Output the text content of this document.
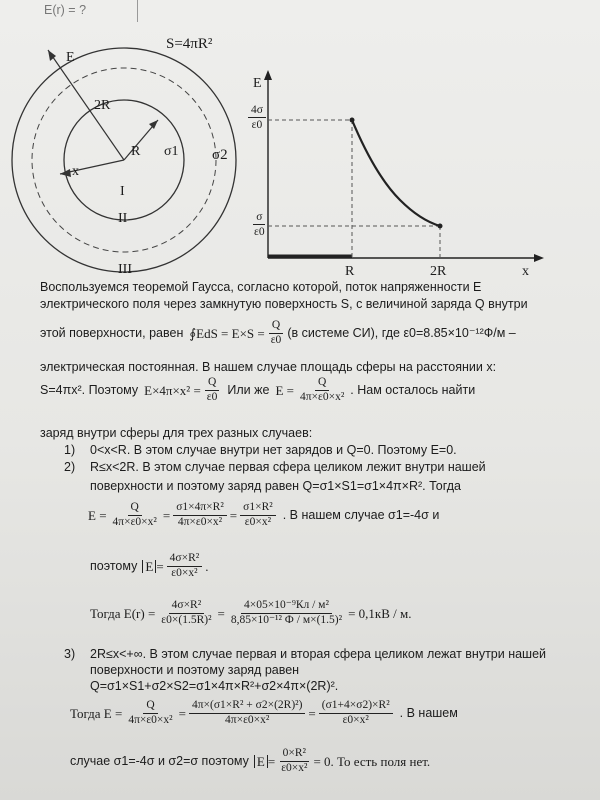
E(r) = ?
S=4πR²
E
2R
R σ1 σ2
x
I
II
III
E
$\frac{4\sigma}{\varepsilon 0}$
$\frac{\sigma}{\varepsilon 0}$
R	2R	x
Воспользуемся теоремой Гаусса, согласно которой, поток напряженности Е
электрического поля через замкнутую поверхность S, с величиной заряда Q внутри
этой поверхности, равен ∮EdS = $E\times S = \frac{Q}{\varepsilon 0} (в$ системе СИ), где ε0=8.85×10⁻¹²Ф/м –
электрическая постоянная. В нашем случае площадь сферы на расстоянии x:
S=4πx². Поэтому $E\times 4\pi\times x^2 = \frac{Q}{\varepsilon 0}$ Или же $E = \frac{Q}{\text{4π×ε0×x²}}$ . Нам осталось найти
заряд внутри сферы для трех разных случаев:
1) 0<x<R. В этом случае внутри нет зарядов и Q=0. Поэтому E=0.
2) R≤x<2R. В этом случае первая сфера целиком лежит внутри нашей
поверхности и поэтому заряд равен Q=σ1×S1=σ1×4π×R². Тогда
$E = \frac{Q}{\text{4π×ε0×x²}} = \frac{\text{σ1×4π×R²}}{\text{4π×ε0×x²}} = \frac{\text{σ1×R²}}{\text{ε0×x²}}$ . В нашем случае σ1=-4σ и
поэтому $E = \frac{\text{4σ×R²}}{\text{ε0×x²}}$ .
Тогда $E(r) = \frac{\text{4σ×R²}}{\text{ε0×(1.5R)²}} = \frac{\text{4×05×10⁻⁹Кл / м²}}{\text{8,85×10⁻¹² Ф / м×(1.5)²}} = 0,1кВ / м$.
3) 2R≤x<+∞. В этом случае первая и вторая сфера целиком лежат внутри нашей
поверхности и поэтому заряд равен
Q=σ1×S1+σ2×S2=σ1×4π×R²+σ2×4π×(2R)².
Тогда $E = \frac{Q}{\text{4π×ε0×x²}} = \frac{\text{4π×(σ1×R² + σ2×(2R)²)}}{\text{4π×ε0×x²}} = \frac{\text{(σ1+4×σ2)×R²}}{\text{ε0×x²}}$ . В нашем
случае σ1=-4σ и σ2=σ поэтому $E = \frac{\text{0×R²}}{\text{ε0×x²}} = 0$. То есть поля нет.
